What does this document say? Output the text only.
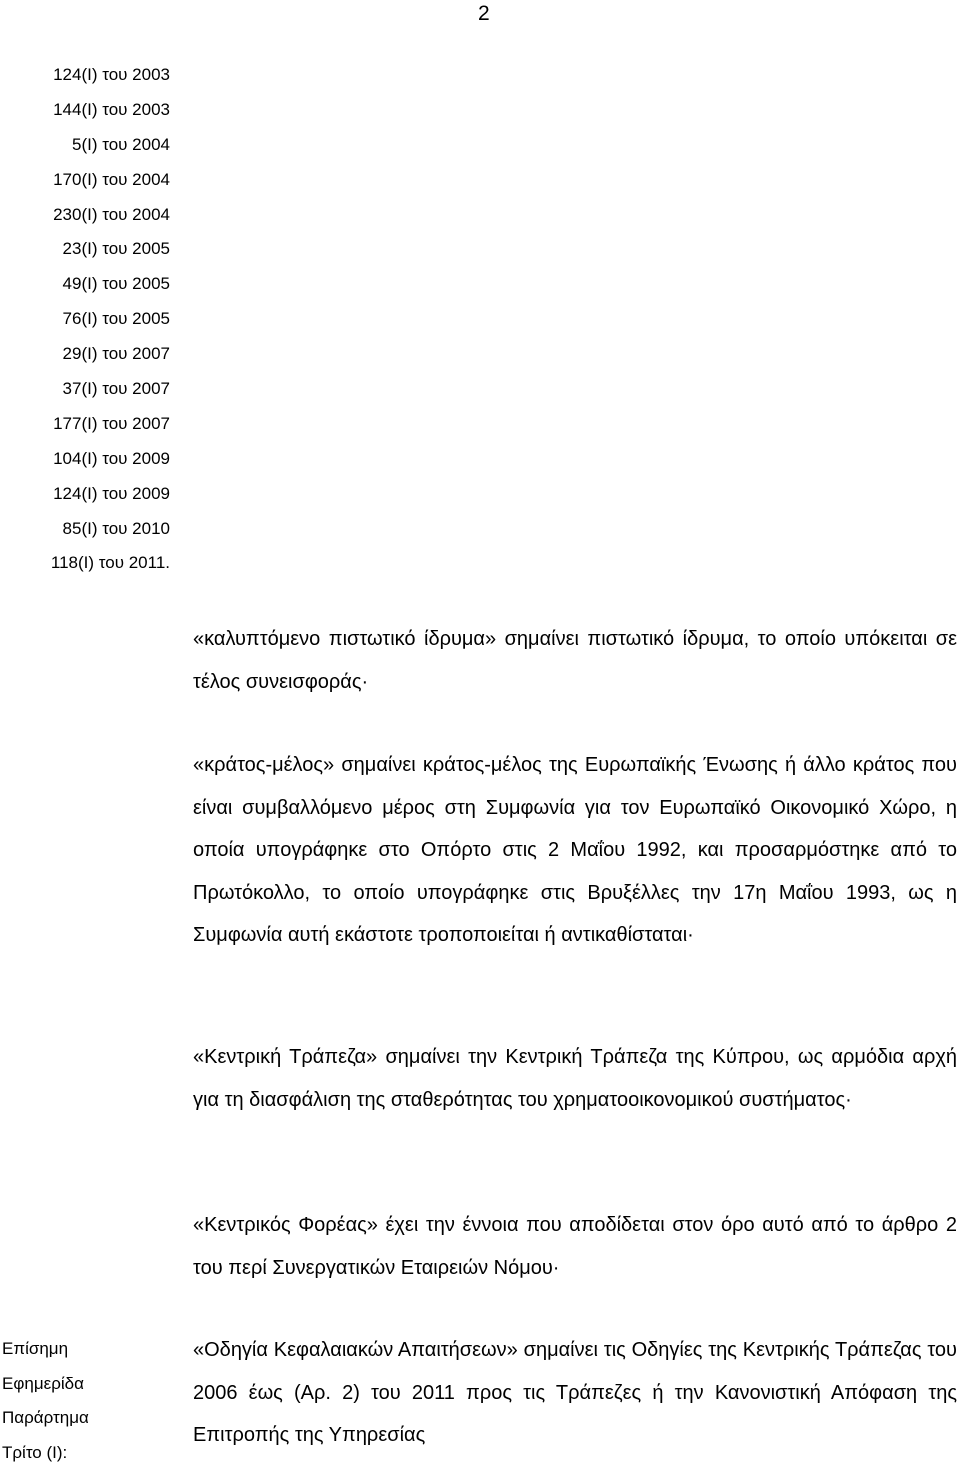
2
124(Ι) του 2003
144(Ι) του 2003
5(Ι) του 2004
170(Ι) του 2004
230(Ι) του 2004
23(Ι) του 2005
49(Ι) του 2005
76(Ι) του 2005
29(Ι) του 2007
37(Ι) του 2007
177(Ι) του 2007
104(Ι) του 2009
124(Ι) του 2009
85(Ι) του 2010
118(Ι) του 2011.

«καλυπτόμενο πιστωτικό ίδρυμα» σημαίνει πιστωτικό ίδρυμα, το οποίο υπόκειται σε τέλος συνεισφοράς·

«κράτος-μέλος» σημαίνει κράτος-μέλος της Ευρωπαϊκής Ένωσης ή άλλο κράτος που είναι συμβαλλόμενο μέρος στη Συμφωνία για τον Ευρωπαϊκό Οικονομικό Χώρο, η οποία υπογράφηκε στο Οπόρτο στις 2 Μαΐου 1992, και προσαρμόστηκε από το Πρωτόκολλο, το οποίο υπογράφηκε στις Βρυξέλλες την 17η Μαΐου 1993, ως η Συμφωνία αυτή εκάστοτε τροποποιείται ή αντικαθίσταται·

«Κεντρική Τράπεζα» σημαίνει την Κεντρική Τράπεζα της Κύπρου, ως αρμόδια αρχή για τη διασφάλιση της σταθερότητας του χρηματοοικονομικού συστήματος·

«Κεντρικός Φορέας» έχει την έννοια που αποδίδεται στον όρο αυτό από το άρθρο 2 του περί Συνεργατικών Εταιρειών Νόμου·

«Οδηγία Κεφαλαιακών Απαιτήσεων» σημαίνει τις Οδηγίες της Κεντρικής Τράπεζας του 2006 έως (Αρ. 2) του 2011 προς τις Τράπεζες ή την Κανονιστική Απόφαση της Επιτροπής της Υπηρεσίας

Επίσημη
Εφημερίδα
Παράρτημα
Τρίτο (Ι):
